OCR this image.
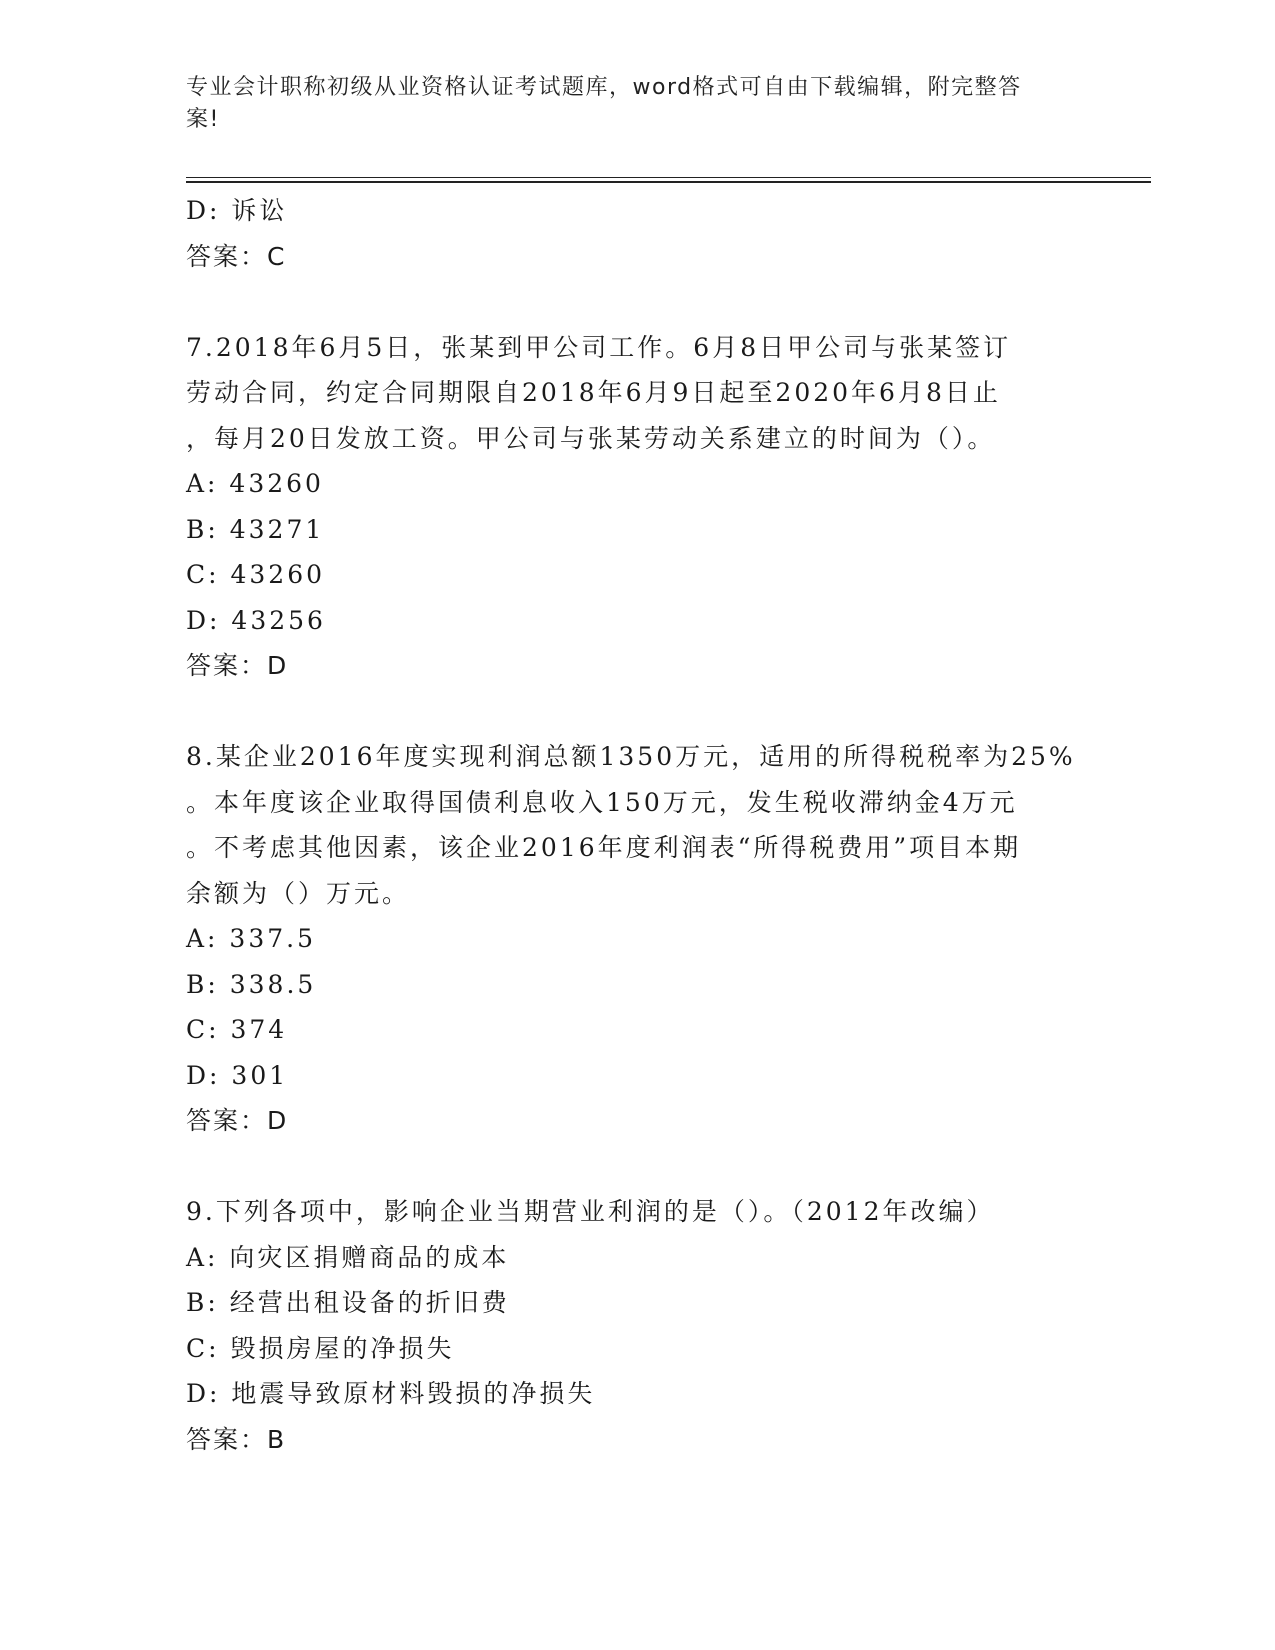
专业会计职称初级从业资格认证考试题库，word格式可自由下载编辑，附完整答
案!
D: 诉讼
答案：C
7.2018年6月5日，张某到甲公司工作。6月8日甲公司与张某签订
劳动合同，约定合同期限自2018年6月9日起至2020年6月8日止
，每月20日发放工资。甲公司与张某劳动关系建立的时间为（）。
A: 43260
B: 43271
C: 43260
D: 43256
答案：D
8.某企业2016年度实现利润总额1350万元，适用的所得税税率为25%
。本年度该企业取得国债利息收入150万元，发生税收滞纳金4万元
。不考虑其他因素，该企业2016年度利润表“所得税费用”项目本期
余额为（）万元。
A: 337.5
B: 338.5
C: 374
D: 301
答案：D
9.下列各项中，影响企业当期营业利润的是（）。（2012年改编）
A: 向灾区捐赠商品的成本
B: 经营出租设备的折旧费
C: 毁损房屋的净损失
D: 地震导致原材料毁损的净损失
答案：B
